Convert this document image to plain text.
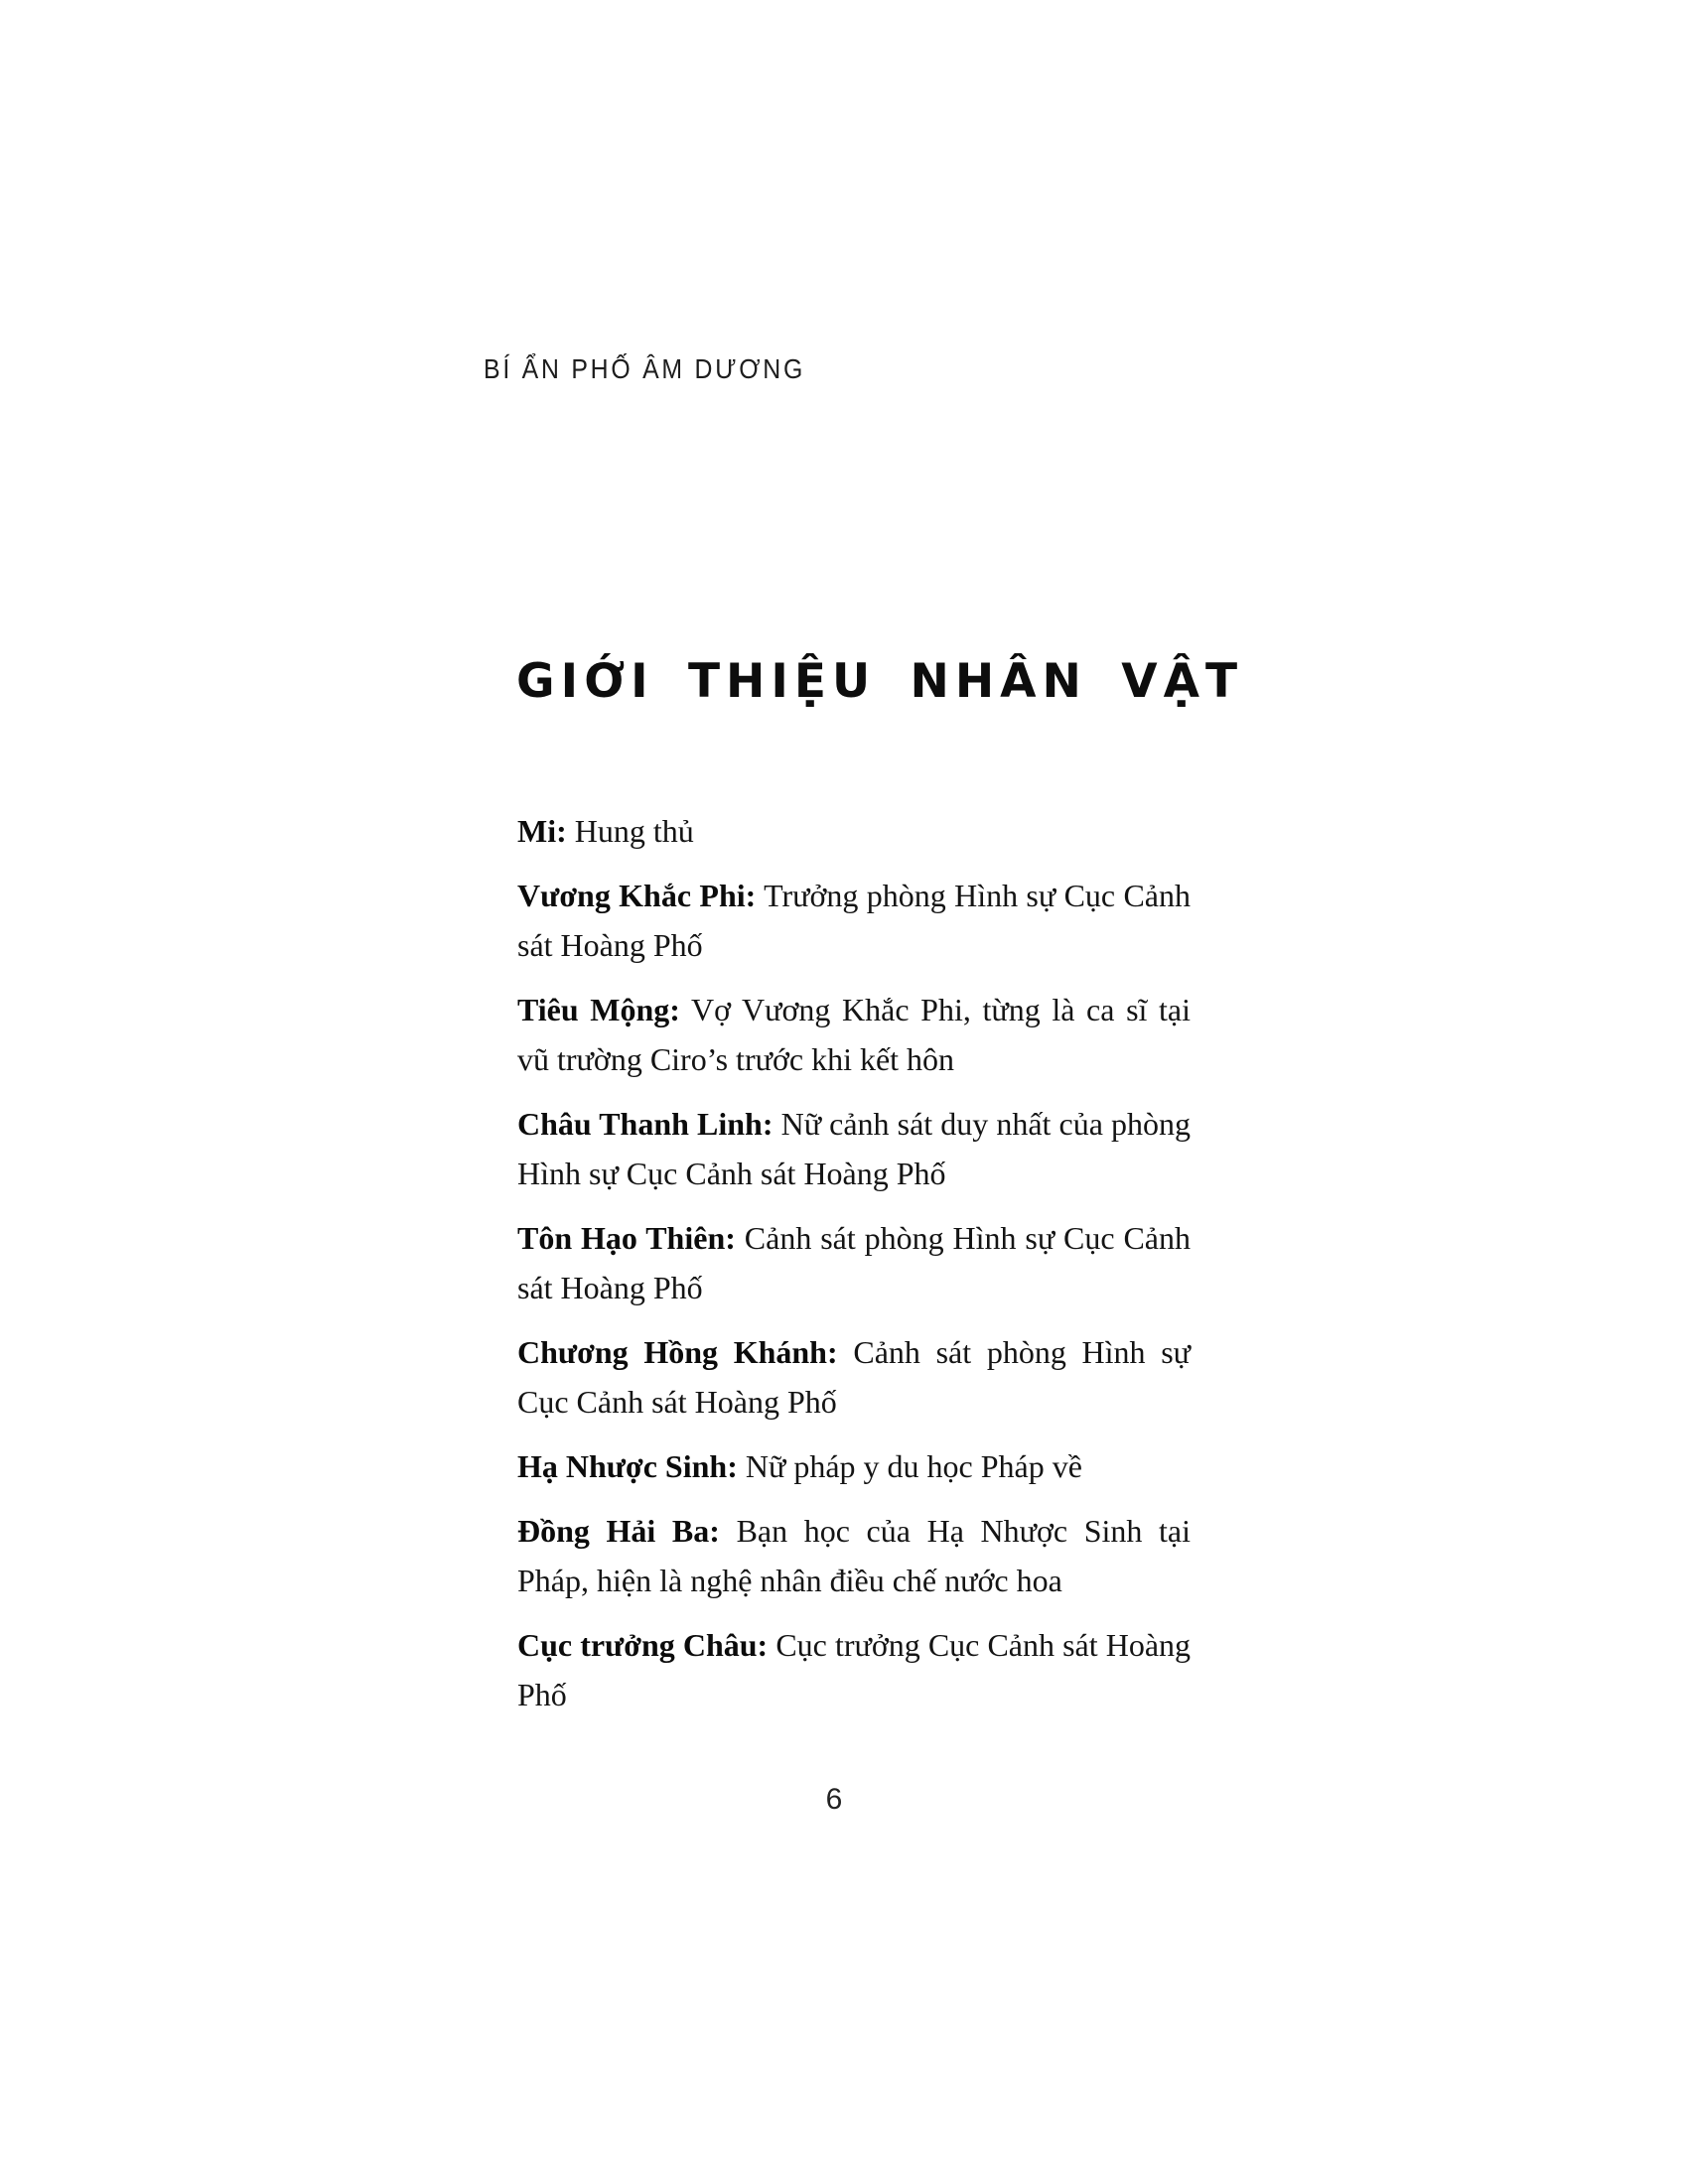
BÍ ẨN PHỐ ÂM DƯƠNG
GIỚI THIỆU NHÂN VẬT

Mi: Hung thủ

Vương Khắc Phi: Trưởng phòng Hình sự Cục Cảnh sát Hoàng Phố

Tiêu Mộng: Vợ Vương Khắc Phi, từng là ca sĩ tại vũ trường Ciro’s trước khi kết hôn

Châu Thanh Linh: Nữ cảnh sát duy nhất của phòng Hình sự Cục Cảnh sát Hoàng Phố

Tôn Hạo Thiên: Cảnh sát phòng Hình sự Cục Cảnh sát Hoàng Phố

Chương Hồng Khánh: Cảnh sát phòng Hình sự Cục Cảnh sát Hoàng Phố

Hạ Nhược Sinh: Nữ pháp y du học Pháp về

Đồng Hải Ba: Bạn học của Hạ Nhược Sinh tại Pháp, hiện là nghệ nhân điều chế nước hoa

Cục trưởng Châu: Cục trưởng Cục Cảnh sát Hoàng Phố

6
